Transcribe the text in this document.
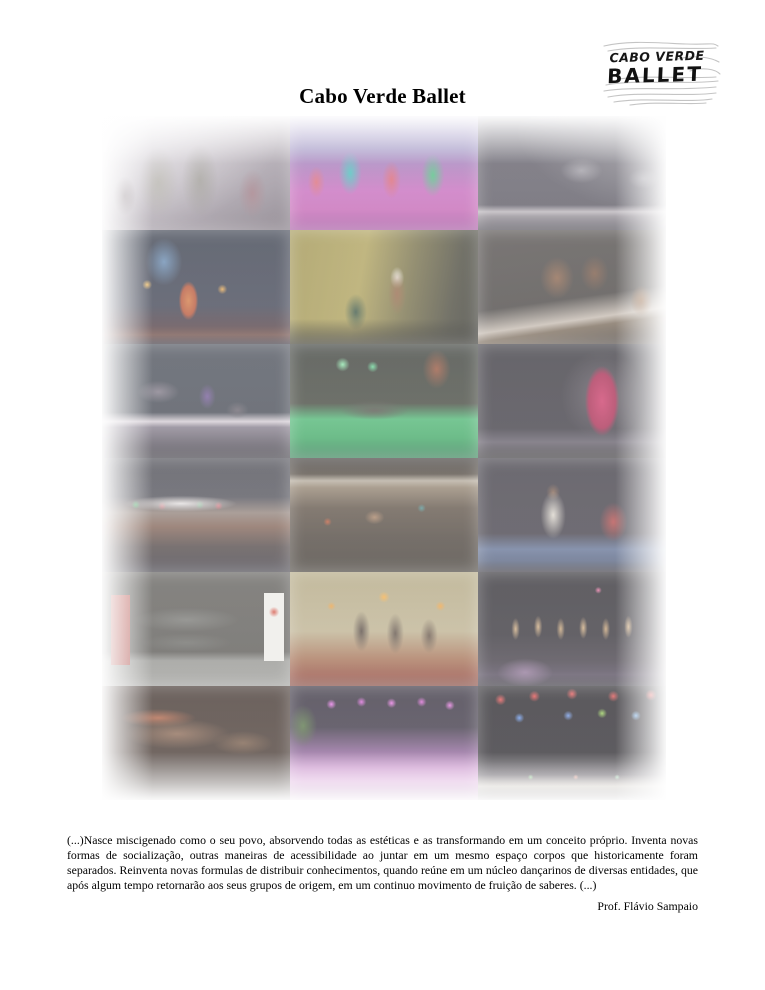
Cabo Verde Ballet
CABO VERDE
BALLET

(...)Nasce miscigenado como o seu povo, absorvendo todas as estéticas e as transformando em um conceito próprio. Inventa novas formas de socialização, outras maneiras de acessibilidade ao juntar em um mesmo espaço corpos que historicamente foram separados. Reinventa novas formulas de distribuir conhecimentos, quando reúne em um núcleo dançarinos de diversas entidades, que após algum tempo retornarão aos seus grupos de origem, em um continuo movimento de fruição de saberes. (...)

Prof. Flávio Sampaio
